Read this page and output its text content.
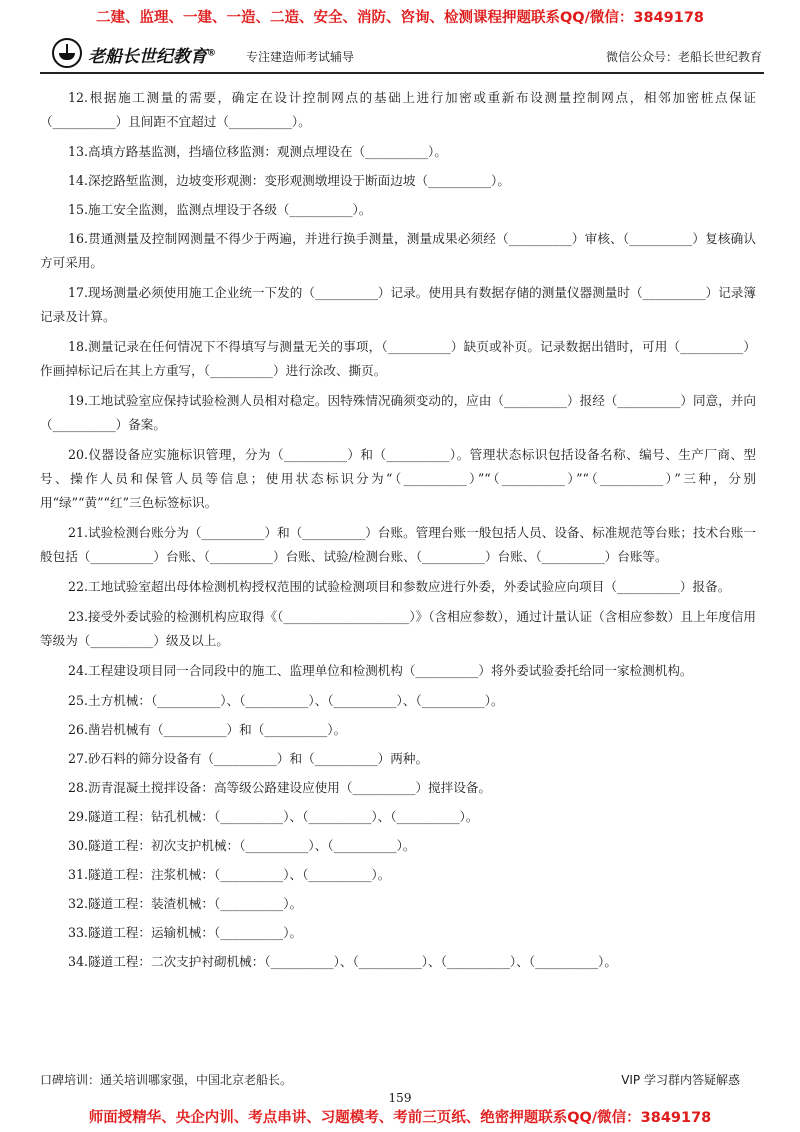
二建、监理、一建、一造、二造、安全、消防、咨询、检测课程押题联系QQ/微信：3849178
老船长世纪教育®	专注建造师考试辅导	微信公众号：老船长世纪教育

12.根据施工测量的需要，确定在设计控制网点的基础上进行加密或重新布设测量控制网点，相邻加密桩点保证（__________）且间距不宜超过（__________）。

13.高填方路基监测，挡墙位移监测：观测点埋设在（__________）。

14.深挖路堑监测，边坡变形观测：变形观测墩埋设于断面边坡（__________）。

15.施工安全监测，监测点埋设于各级（__________）。

16.贯通测量及控制网测量不得少于两遍，并进行换手测量，测量成果必须经（__________）审核、（__________）复核确认方可采用。

17.现场测量必须使用施工企业统一下发的（__________）记录。使用具有数据存储的测量仪器测量时（__________）记录簿记录及计算。

18.测量记录在任何情况下不得填写与测量无关的事项，（__________）缺页或补页。记录数据出错时，可用（__________）作画掉标记后在其上方重写，（__________）进行涂改、撕页。

19.工地试验室应保持试验检测人员相对稳定。因特殊情况确须变动的，应由（__________）报经（__________）同意，并向（__________）备案。

20.仪器设备应实施标识管理，分为（__________）和（__________）。管理状态标识包括设备名称、编号、生产厂商、型号、操作人员和保管人员等信息；使用状态标识分为“（__________）”“（__________）”“（__________）”三种，分别用“绿”“黄”“红”三色标签标识。

21.试验检测台账分为（__________）和（__________）台账。管理台账一般包括人员、设备、标准规范等台账；技术台账一般包括（__________）台账、（__________）台账、试验/检测台账、（__________）台账、（__________）台账等。

22.工地试验室超出母体检测机构授权范围的试验检测项目和参数应进行外委，外委试验应向项目（__________）报备。

23.接受外委试验的检测机构应取得《（____________________）》（含相应参数），通过计量认证（含相应参数）且上年度信用等级为（__________）级及以上。

24.工程建设项目同一合同段中的施工、监理单位和检测机构（__________）将外委试验委托给同一家检测机构。

25.土方机械：（__________）、（__________）、（__________）、（__________）。

26.凿岩机械有（__________）和（__________）。

27.砂石料的筛分设备有（__________）和（__________）两种。

28.沥青混凝土搅拌设备：高等级公路建设应使用（__________）搅拌设备。

29.隧道工程：钻孔机械：（__________）、（__________）、（__________）。

30.隧道工程：初次支护机械：（__________）、（__________）。

31.隧道工程：注浆机械：（__________）、（__________）。

32.隧道工程：装渣机械：（__________）。

33.隧道工程：运输机械：（__________）。

34.隧道工程：二次支护衬砌机械：（__________）、（__________）、（__________）、（__________）。

口碑培训：通关培训哪家强，中国北京老船长。	VIP 学习群内答疑解惑
159
师面授精华、央企内训、考点串讲、习题模考、考前三页纸、绝密押题联系QQ/微信：3849178
